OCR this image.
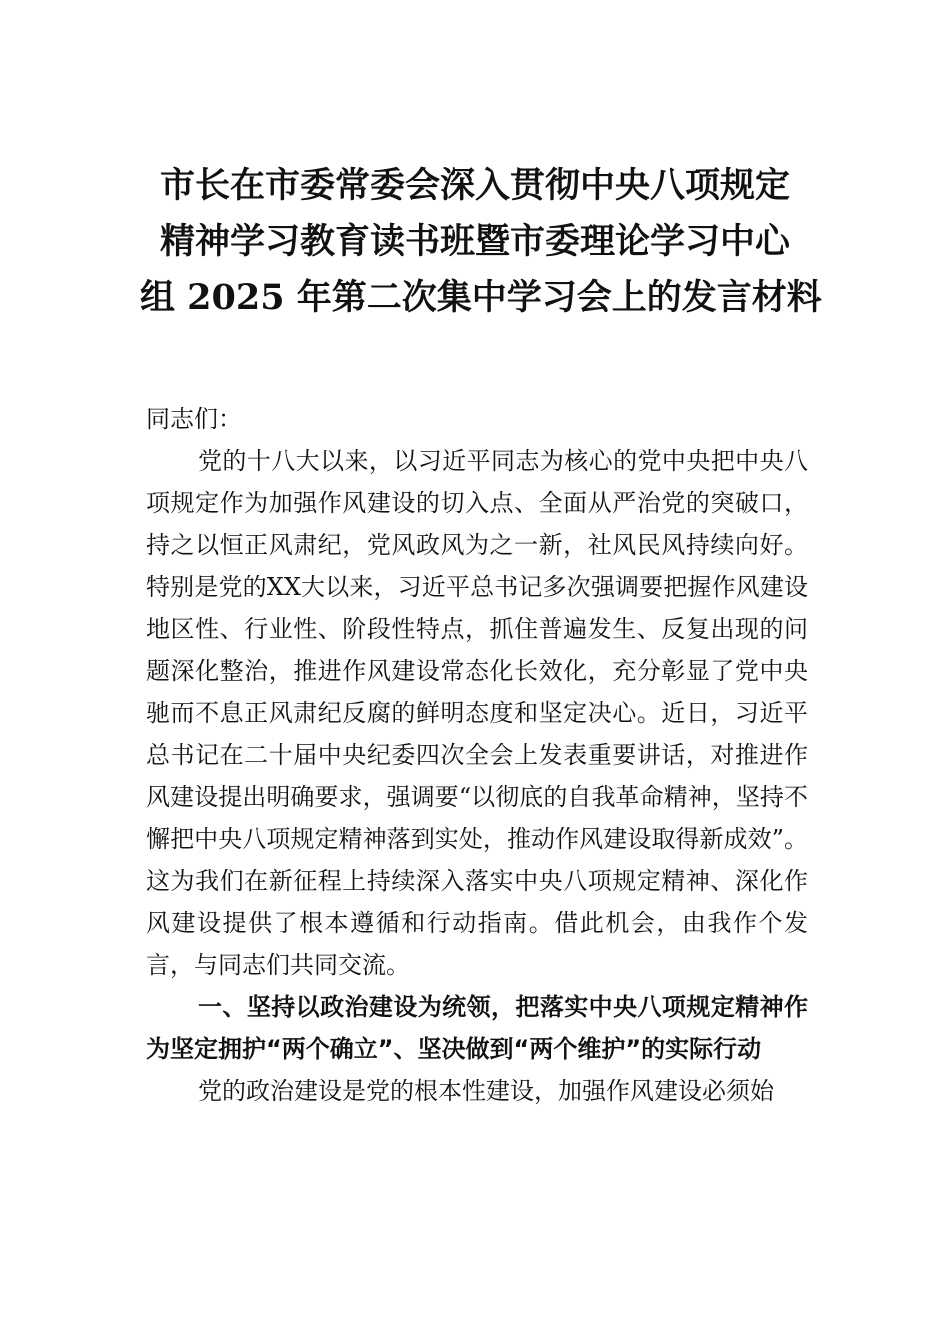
市长在市委常委会深入贯彻中央八项规定
精神学习教育读书班暨市委理论学习中心
组 2025 年第二次集中学习会上的发言材料

同志们：

党的十八大以来，以习近平同志为核心的党中央把中央八项规定作为加强作风建设的切入点、全面从严治党的突破口，持之以恒正风肃纪，党风政风为之一新，社风民风持续向好。特别是党的XX大以来，习近平总书记多次强调要把握作风建设地区性、行业性、阶段性特点，抓住普遍发生、反复出现的问题深化整治，推进作风建设常态化长效化，充分彰显了党中央驰而不息正风肃纪反腐的鲜明态度和坚定决心。近日，习近平总书记在二十届中央纪委四次全会上发表重要讲话，对推进作风建设提出明确要求，强调要“以彻底的自我革命精神，坚持不懈把中央八项规定精神落到实处，推动作风建设取得新成效”。这为我们在新征程上持续深入落实中央八项规定精神、深化作风建设提供了根本遵循和行动指南。借此机会，由我作个发言，与同志们共同交流。

一、坚持以政治建设为统领，把落实中央八项规定精神作为坚定拥护“两个确立”、坚决做到“两个维护”的实际行动

党的政治建设是党的根本性建设，加强作风建设必须始
